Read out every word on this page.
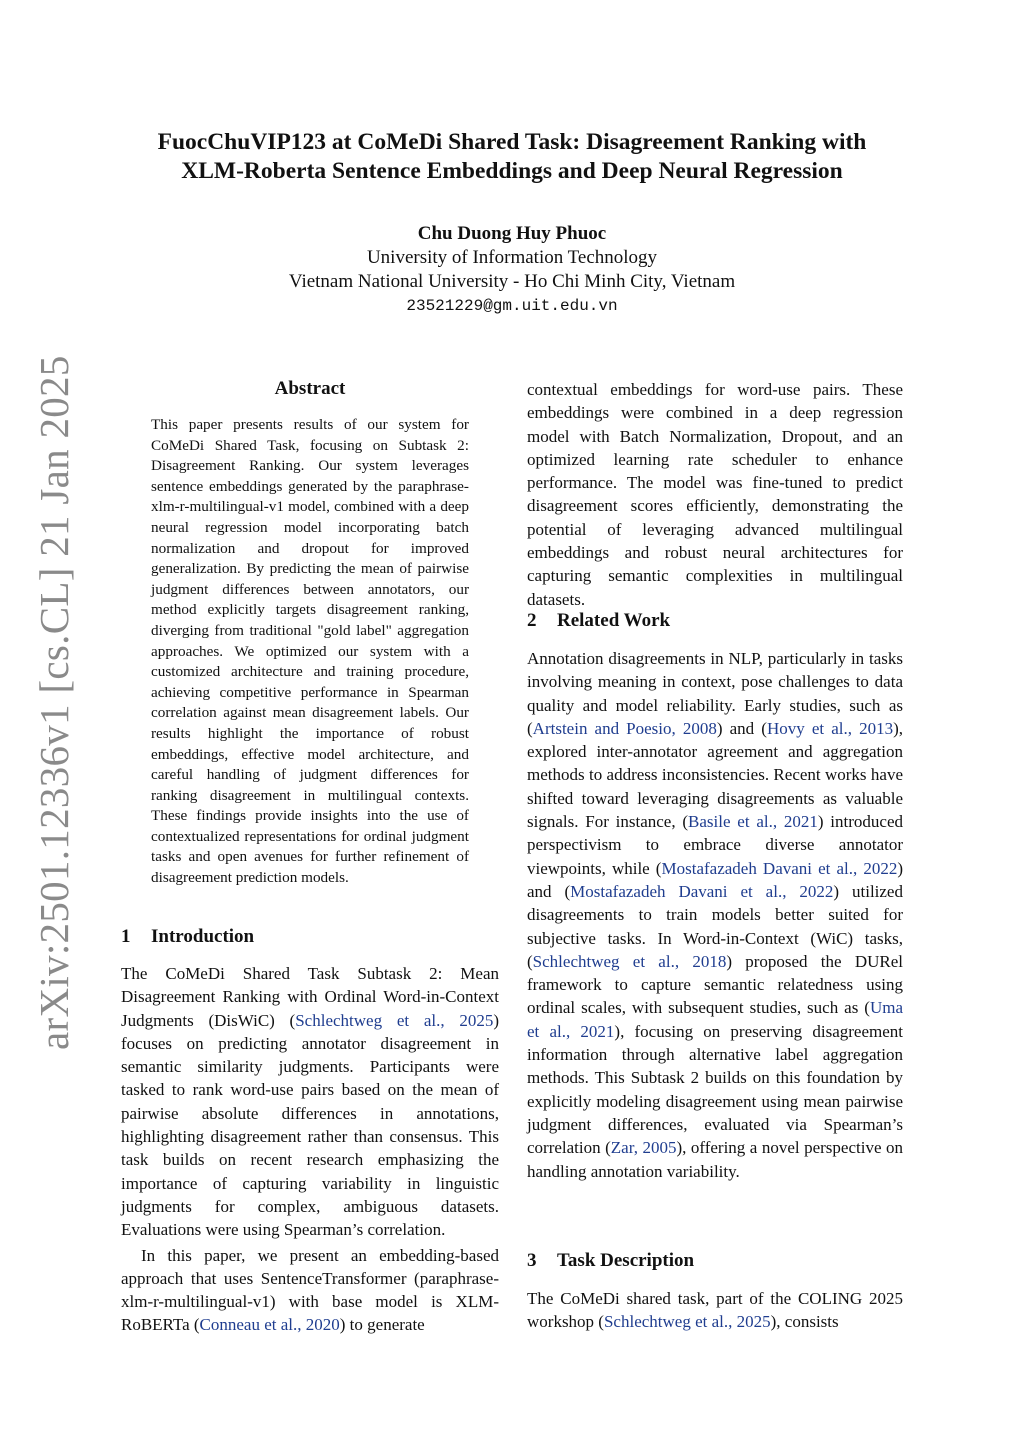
arXiv:2501.12336v1 [cs.CL] 21 Jan 2025
FuocChuVIP123 at CoMeDi Shared Task: Disagreement Ranking with
XLM-Roberta Sentence Embeddings and Deep Neural Regression
Chu Duong Huy Phuoc
University of Information Technology
Vietnam National University - Ho Chi Minh City, Vietnam
23521229@gm.uit.edu.vn
Abstract
This paper presents results of our system for CoMeDi Shared Task, focusing on Subtask 2: Disagreement Ranking. Our system leverages sentence embeddings generated by the paraphrase-xlm-r-multilingual-v1 model, combined with a deep neural regression model incorporating batch normalization and dropout for improved generalization. By predicting the mean of pairwise judgment differences between annotators, our method explicitly targets disagreement ranking, diverging from traditional "gold label" aggregation approaches. We optimized our system with a customized architecture and training procedure, achieving competitive performance in Spearman correlation against mean disagreement labels. Our results highlight the importance of robust embeddings, effective model architecture, and careful handling of judgment differences for ranking disagreement in multilingual contexts. These findings provide insights into the use of contextualized representations for ordinal judgment tasks and open avenues for further refinement of disagreement prediction models.
1 Introduction

The CoMeDi Shared Task Subtask 2: Mean Disagreement Ranking with Ordinal Word-in-Context Judgments (DisWiC) (Schlechtweg et al., 2025) focuses on predicting annotator disagreement in semantic similarity judgments. Participants were tasked to rank word-use pairs based on the mean of pairwise absolute differences in annotations, highlighting disagreement rather than consensus. This task builds on recent research emphasizing the importance of capturing variability in linguistic judgments for complex, ambiguous datasets. Evaluations were using Spearman’s correlation.

In this paper, we present an embedding-based approach that uses SentenceTransformer (paraphrase-xlm-r-multilingual-v1) with base model is XLM-RoBERTa (Conneau et al., 2020) to generate

2 Related Work

Annotation disagreements in NLP, particularly in tasks involving meaning in context, pose challenges to data quality and model reliability. Early studies, such as (Artstein and Poesio, 2008) and (Hovy et al., 2013), explored inter-annotator agreement and aggregation methods to address inconsistencies. Recent works have shifted toward leveraging disagreements as valuable signals. For instance, (Basile et al., 2021) introduced perspectivism to embrace diverse annotator viewpoints, while (Mostafazadeh Davani et al., 2022) and (Mostafazadeh Davani et al., 2022) utilized disagreements to train models better suited for subjective tasks. In Word-in-Context (WiC) tasks, (Schlechtweg et al., 2018) proposed the DURel framework to capture semantic relatedness using ordinal scales, with subsequent studies, such as (Uma et al., 2021), focusing on preserving disagreement information through alternative label aggregation methods. This Subtask 2 builds on this foundation by explicitly modeling disagreement using mean pairwise judgment differences, evaluated via Spearman’s correlation (Zar, 2005), offering a novel perspective on handling annotation variability.

3 Task Description

The CoMeDi shared task, part of the COLING 2025 workshop (Schlechtweg et al., 2025), consists

contextual embeddings for word-use pairs. These embeddings were combined in a deep regression model with Batch Normalization, Dropout, and an optimized learning rate scheduler to enhance performance. The model was fine-tuned to predict disagreement scores efficiently, demonstrating the potential of leveraging advanced multilingual embeddings and robust neural architectures for capturing semantic complexities in multilingual datasets.
